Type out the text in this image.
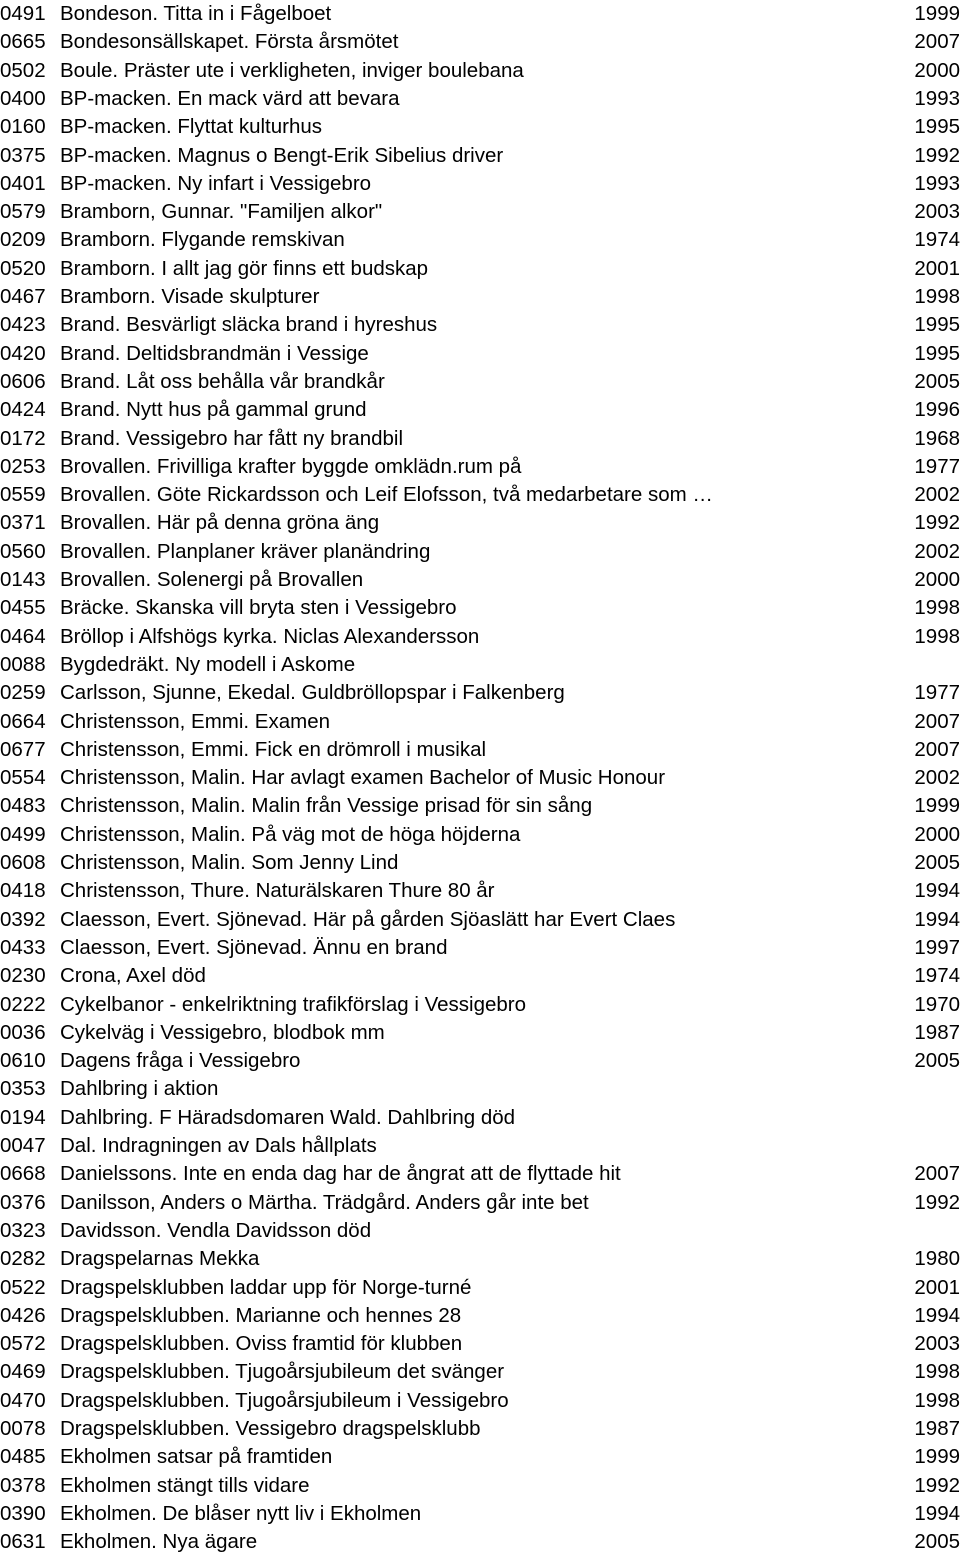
0491 Bondeson. Titta in i Fågelboet	1999
0665 Bondesonsällskapet. Första årsmötet	2007
0502 Boule. Präster ute i verkligheten, inviger boulebana	2000
0400 BP-macken. En mack värd att bevara	1993
0160 BP-macken. Flyttat kulturhus	1995
0375 BP-macken. Magnus o Bengt-Erik Sibelius driver	1992
0401 BP-macken. Ny infart i Vessigebro	1993
0579 Bramborn, Gunnar. "Familjen alkor"	2003
0209 Bramborn. Flygande remskivan	1974
0520 Bramborn. I allt jag gör finns ett budskap	2001
0467 Bramborn. Visade skulpturer	1998
0423 Brand. Besvärligt släcka brand i hyreshus	1995
0420 Brand. Deltidsbrandmän i Vessige	1995
0606 Brand. Låt oss behålla vår brandkår	2005
0424 Brand. Nytt hus på gammal grund	1996
0172 Brand. Vessigebro har fått ny brandbil	1968
0253 Brovallen. Frivilliga krafter byggde omklädn.rum på	1977
0559 Brovallen. Göte Rickardsson och Leif Elofsson, två medarbetare som …	2002
0371 Brovallen. Här på denna gröna äng	1992
0560 Brovallen. Planplaner kräver planändring	2002
0143 Brovallen. Solenergi på Brovallen	2000
0455 Bräcke. Skanska vill bryta sten i Vessigebro	1998
0464 Bröllop i Alfshögs kyrka. Niclas Alexandersson	1998
0088 Bygdedräkt. Ny modell i Askome
0259 Carlsson, Sjunne, Ekedal. Guldbröllopspar i Falkenberg	1977
0664 Christensson, Emmi. Examen	2007
0677 Christensson, Emmi. Fick en drömroll i musikal	2007
0554 Christensson, Malin. Har avlagt examen Bachelor of Music Honour	2002
0483 Christensson, Malin. Malin från Vessige prisad för sin sång	1999
0499 Christensson, Malin. På väg mot de höga höjderna	2000
0608 Christensson, Malin. Som Jenny Lind	2005
0418 Christensson, Thure. Naturälskaren Thure 80 år	1994
0392 Claesson, Evert. Sjönevad. Här på gården Sjöaslätt har Evert Claes	1994
0433 Claesson, Evert. Sjönevad. Ännu en brand	1997
0230 Crona, Axel död	1974
0222 Cykelbanor - enkelriktning trafikförslag i Vessigebro	1970
0036 Cykelväg i Vessigebro, blodbok mm	1987
0610 Dagens fråga i Vessigebro	2005
0353 Dahlbring i aktion
0194 Dahlbring. F Häradsdomaren Wald. Dahlbring död
0047 Dal. Indragningen av Dals hållplats
0668 Danielssons. Inte en enda dag har de ångrat att de flyttade hit	2007
0376 Danilsson, Anders o Märtha. Trädgård. Anders går inte bet	1992
0323 Davidsson. Vendla Davidsson död
0282 Dragspelarnas Mekka	1980
0522 Dragspelsklubben laddar upp för Norge-turné	2001
0426 Dragspelsklubben. Marianne och hennes 28	1994
0572 Dragspelsklubben. Oviss framtid för klubben	2003
0469 Dragspelsklubben. Tjugoårsjubileum det svänger	1998
0470 Dragspelsklubben. Tjugoårsjubileum i Vessigebro	1998
0078 Dragspelsklubben. Vessigebro dragspelsklubb	1987
0485 Ekholmen satsar på framtiden	1999
0378 Ekholmen stängt tills vidare	1992
0390 Ekholmen. De blåser nytt liv i Ekholmen	1994
0631 Ekholmen. Nya ägare	2005
